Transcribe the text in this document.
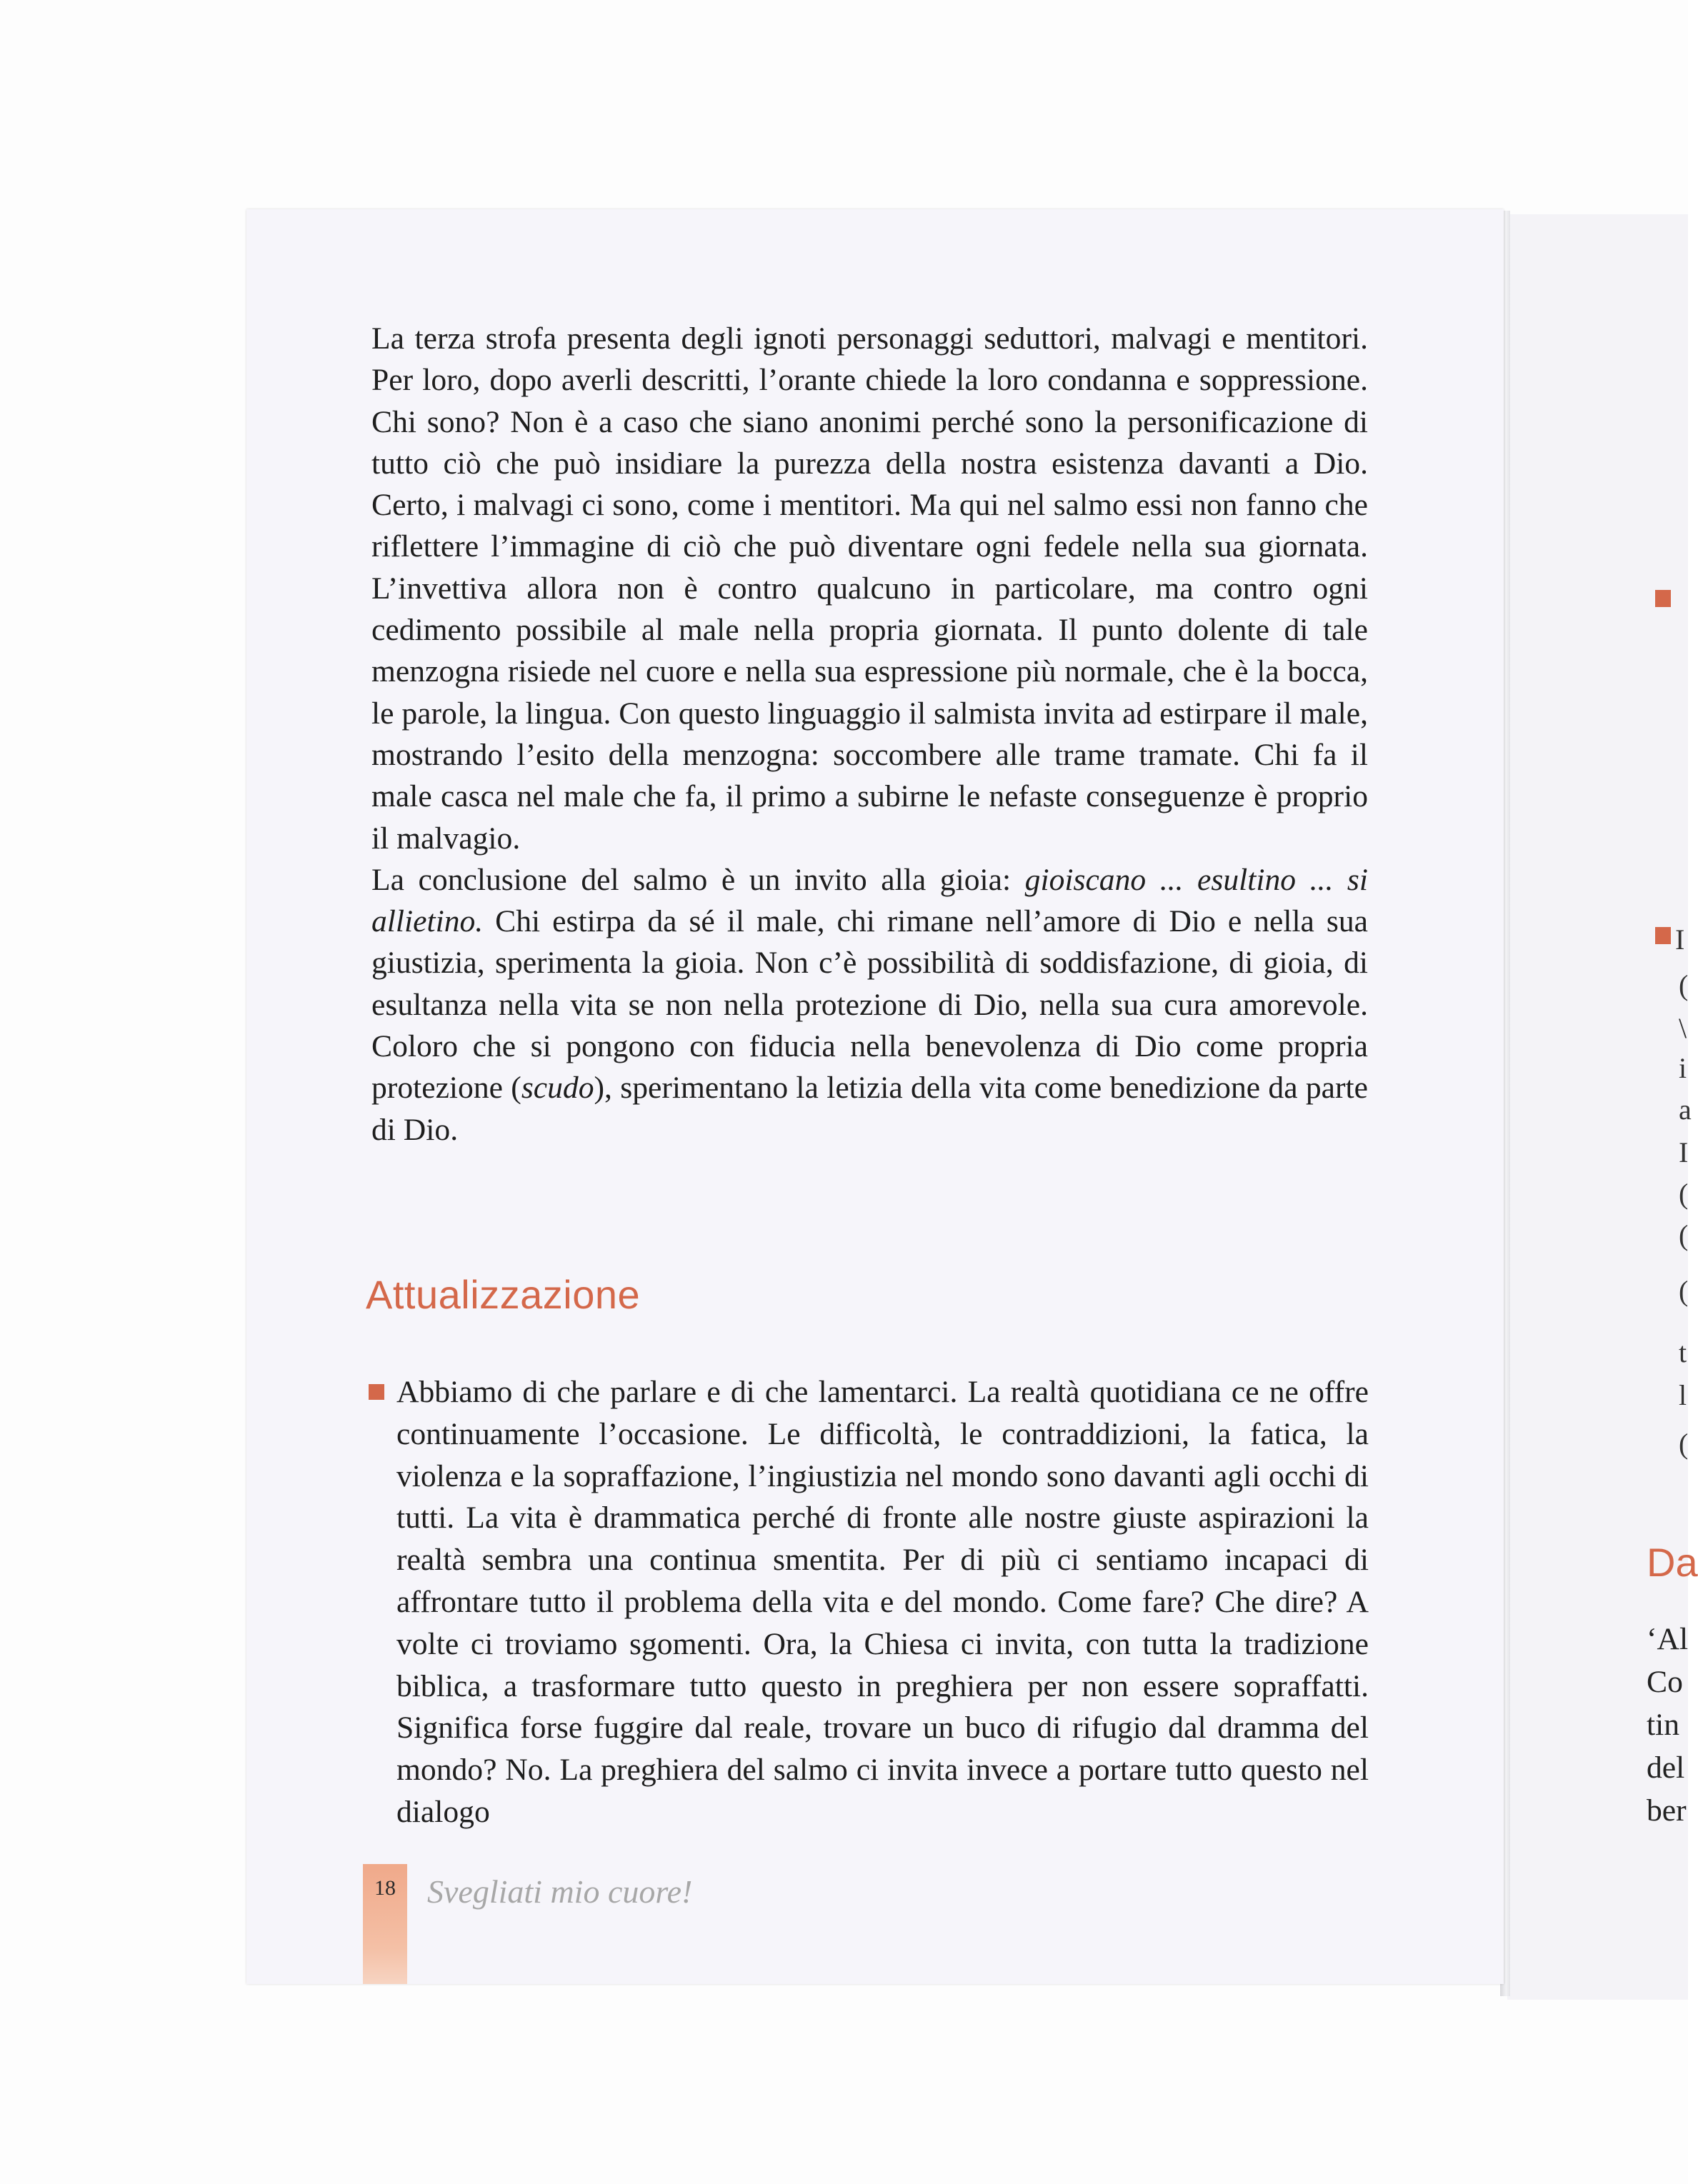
La terza strofa presenta degli ignoti personaggi seduttori, malvagi e mentitori. Per loro, dopo averli descritti, l’orante chiede la loro condanna e soppressione. Chi sono? Non è a caso che siano anonimi perché sono la personificazione di tutto ciò che può insidiare la purezza della nostra esistenza davanti a Dio. Certo, i malvagi ci sono, come i mentitori. Ma qui nel salmo essi non fanno che riflettere l’immagine di ciò che può diventare ogni fedele nella sua giornata. L’invettiva allora non è contro qualcuno in particolare, ma contro ogni cedimento possibile al male nella propria giornata. Il punto dolente di tale menzogna risiede nel cuore e nella sua espressione più normale, che è la bocca, le parole, la lingua. Con questo linguaggio il salmista invita ad estirpare il male, mostrando l’esito della menzogna: soccombere alle trame tramate. Chi fa il male casca nel male che fa, il primo a subirne le nefaste conseguenze è proprio il malvagio.

La conclusione del salmo è un invito alla gioia: gioiscano ... esultino ... si allietino. Chi estirpa da sé il male, chi rimane nell’amore di Dio e nella sua giustizia, sperimenta la gioia. Non c’è possibilità di soddisfazione, di gioia, di esultanza nella vita se non nella protezione di Dio, nella sua cura amorevole. Coloro che si pongono con fiducia nella benevolenza di Dio come propria protezione (scudo), sperimentano la letizia della vita come benedizione da parte di Dio.

Attualizzazione

Abbiamo di che parlare e di che lamentarci. La realtà quotidiana ce ne offre continuamente l’occasione. Le difficoltà, le contraddizioni, la fatica, la violenza e la sopraffazione, l’ingiustizia nel mondo sono davanti agli occhi di tutti. La vita è drammatica perché di fronte alle nostre giuste aspirazioni la realtà sembra una continua smentita. Per di più ci sentiamo incapaci di affrontare tutto il problema della vita e del mondo. Come fare? Che dire? A volte ci troviamo sgomenti. Ora, la Chiesa ci invita, con tutta la tradizione biblica, a trasformare tutto questo in preghiera per non essere sopraffatti. Significa forse fuggire dal reale, trovare un buco di rifugio dal dramma del mondo? No. La preghiera del salmo ci invita invece a portare tutto questo nel dialogo

18 Svegliati mio cuore!
I
(
\
i
a
I
(
(
(
t
l
(
Da
‘Al
Co
tin
del
ber
